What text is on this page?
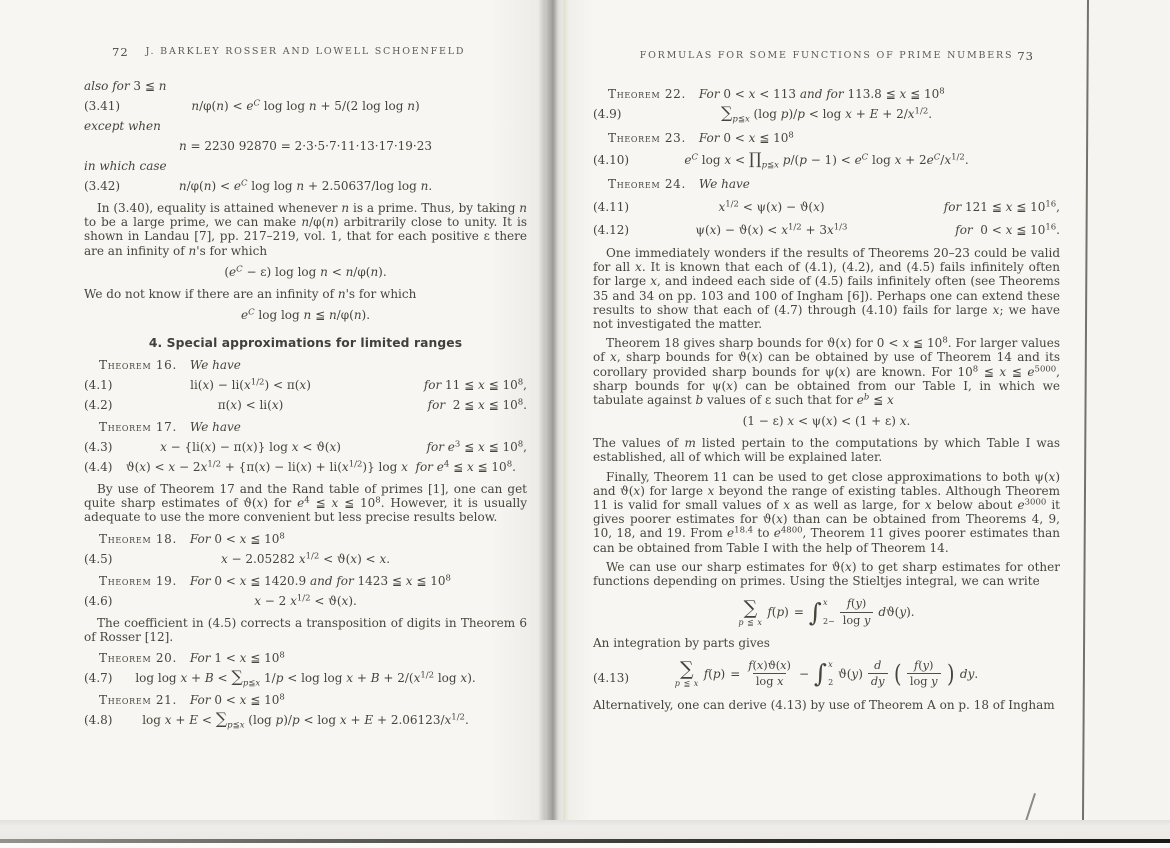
72	J. BARKLEY ROSSER AND LOWELL SCHOENFELD
also for 3 ≦ n
(3.41)	$n/\varphi(n) < e^C$ log log n + 5/(2 log log n)
except when
n = 2230 92870 = 2·3·5·7·11·13·17·19·23
in which case
(3.42)	$n/\varphi(n) < e^C$ log log n + 2.50637/log log n.

In (3.40), equality is attained whenever n is a prime. Thus, by taking n to be a large prime, we can make n/φ(n) arbitrarily close to unity. It is shown in Landau [7], pp. 217–219, vol. 1, that for each positive ε there are an infinity of n's for which

$(e^C - \varepsilon)$ log log n < n/φ(n).

We do not know if there are an infinity of n's for which

$e^C$ log log n ≦ n/φ(n).
4. Special approximations for limited ranges
Theorem 16. We have
(4.1)	$li(x) - li(x^{1/2}) < \pi(x)$	for 11 ≦ x ≦ $10^8$,
(4.2)	π(x) < li(x)	for  2 ≦ x ≦ $10^8$.
Theorem 17. We have
(4.3)	x − {li(x) − π(x)} log x < ϑ(x)	for $e^3$ ≦ x ≦ $10^8$,
(4.4)	$ϑ(x) < x - 2x^{1/2} + \{\pi(x) - li(x) + li(x^{1/2})\}$ log x for $e^4$ ≦ x ≦ $10^8$.

By use of Theorem 17 and the Rand table of primes [1], one can get quite sharp estimates of ϑ(x) for $e^4$ ≦ x ≦ $10^8$. However, it is usually adequate to use the more convenient but less precise results below.

Theorem 18. For 0 < x ≦ $10^8$
(4.5)	x − 2.05282 $x^{1/2} < ϑ(x) < x$.
Theorem 19. For 0 < x ≦ 1420.9 and for 1423 ≦ x ≦ $10^8$
(4.6)	x − 2 $x^{1/2} < ϑ(x)$.

The coefficient in (4.5) corrects a transposition of digits in Theorem 6 of Rosser [12].

Theorem 20. For 1 < x ≦ $10^8$
(4.7)	$\log \log x + B < \sum_{p≦x}$ $1/p < \log \log x + B + 2/(x^{1/2}$ log x).
Theorem 21. For 0 < x ≦ $10^8$
(4.8)	$\log x + E < \sum_{p≦x}$ (log $p)/p < \log x + E + 2.06123/x^{1/2}$.
FORMULAS FOR SOME FUNCTIONS OF PRIME NUMBERS 73
Theorem 22. For 0 < x < 113 and for 113.8 ≦ x ≦ $10^8$
(4.9)	$\sum_{p≦x}$ (log $p)/p < \log x + E + 2/x^{1/2}$.
Theorem 23. For 0 < x ≦ $10^8$
(4.10)	$e^C$ $\log x < \prod_{p≦x}$ $p/(p - 1) < e^C$ $\log x + 2e^C/x^{1/2}$.
Theorem 24. We have
(4.11)	$x^{1/2} < \psi(x) - ϑ(x)$	for 121 ≦ x ≦ $10^{16}$,
(4.12)	$\psi(x) - ϑ(x) < x^{1/2} + 3x^{1/3}$	for  0 < x ≦ $10^{16}$.

One immediately wonders if the results of Theorems 20–23 could be valid for all x. It is known that each of (4.1), (4.2), and (4.5) fails infinitely often for large x, and indeed each side of (4.5) fails infinitely often (see Theorems 35 and 34 on pp. 103 and 100 of Ingham [6]). Perhaps one can extend these results to show that each of (4.7) through (4.10) fails for large x; we have not investigated the matter.

Theorem 18 gives sharp bounds for ϑ(x) for 0 < x ≦ $10^8$. For larger values of x, sharp bounds for ϑ(x) can be obtained by use of Theorem 14 and its corollary provided sharp bounds for ψ(x) are known. For $10^8$ ≦ x ≦ $e^{5000}$, sharp bounds for ψ(x) can be obtained from our Table I, in which we tabulate against b values of ε such that for $e^b$ ≦ x

(1 − ε) x < ψ(x) < (1 + ε) x.

The values of m listed pertain to the computations by which Table I was established, all of which will be explained later.

Finally, Theorem 11 can be used to get close approximations to both ψ(x) and ϑ(x) for large x beyond the range of existing tables. Although Theorem 11 is valid for small values of x as well as large, for x below about $e^{3000}$ it gives poorer estimates for ϑ(x) than can be obtained from Theorems 4, 9, 10, 18, and 19. From $e^{18.4}$ to $e^{4800}$, Theorem 11 gives poorer estimates than can be obtained from Table I with the help of Theorem 14.

We can use our sharp estimates for ϑ(x) to get sharp estimates for other functions depending on primes. Using the Stieltjes integral, we can write

∑
p ≦ x
f(p) = ∫ x
$2- \frac{f(y)}{\text{log y}} dϑ(y)$.

An integration by parts gives

(4.13)	∑
p ≦ x
$f(p) = \frac{f(x)ϑ(x)}{\text{log x}}$ − ∫ x
2
$ϑ(y) \frac{d}{dy}$ ( $\frac{f(y)}{\text{log y}}$ ) dy.

Alternatively, one can derive (4.13) by use of Theorem A on p. 18 of Ingham
